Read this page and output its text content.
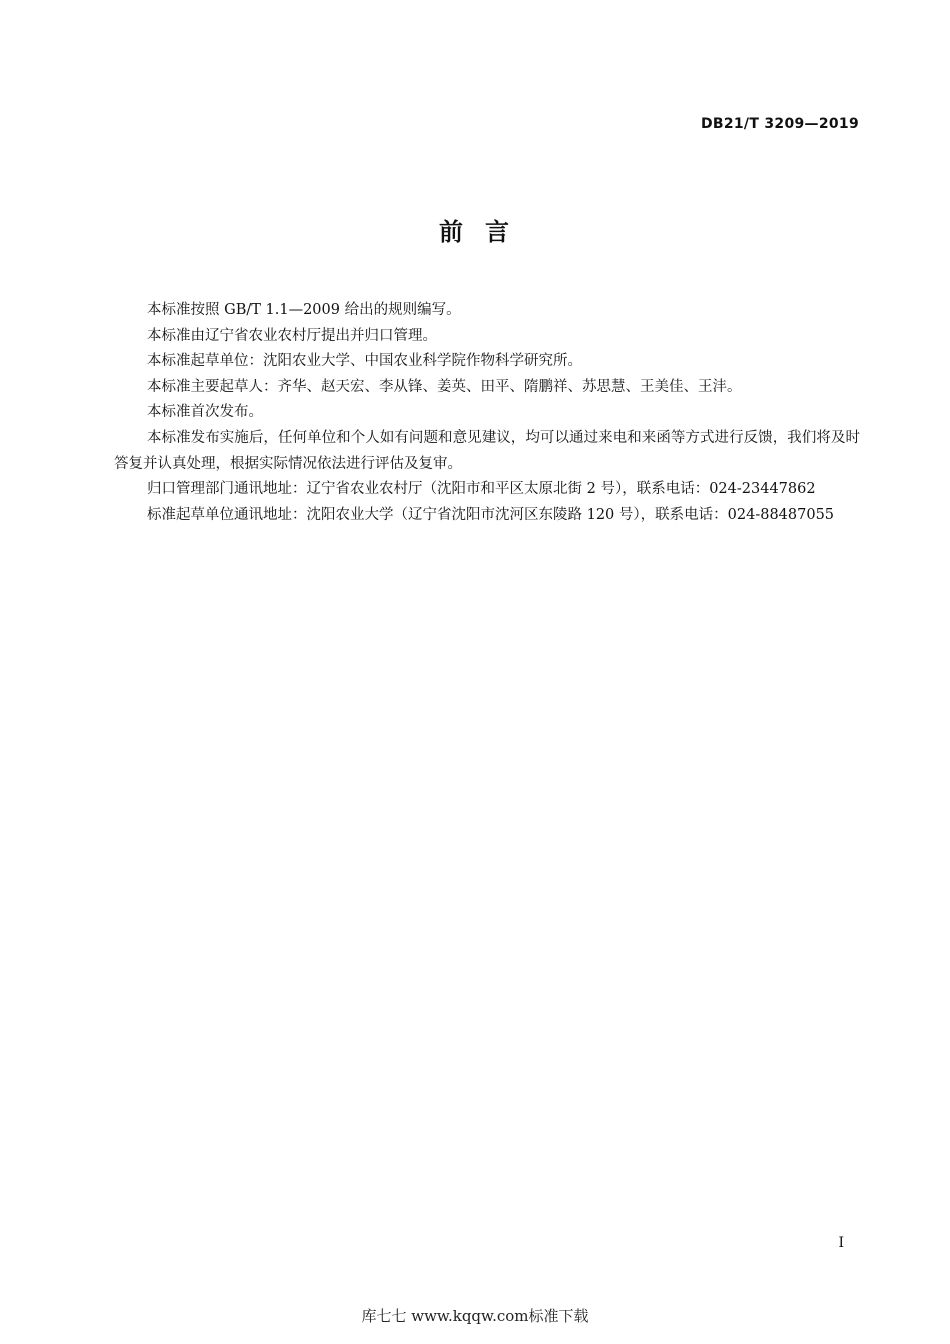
DB21/T 3209—2019
前 言

本标准按照 GB/T 1.1—2009 给出的规则编写。

本标准由辽宁省农业农村厅提出并归口管理。

本标准起草单位：沈阳农业大学、中国农业科学院作物科学研究所。

本标准主要起草人：齐华、赵天宏、李从锋、姜英、田平、隋鹏祥、苏思慧、王美佳、王沣。

本标准首次发布。

本标准发布实施后，任何单位和个人如有问题和意见建议，均可以通过来电和来函等方式进行反馈，我们将及时答复并认真处理，根据实际情况依法进行评估及复审。

归口管理部门通讯地址：辽宁省农业农村厅（沈阳市和平区太原北街 2 号），联系电话：024-23447862

标准起草单位通讯地址：沈阳农业大学（辽宁省沈阳市沈河区东陵路 120 号），联系电话：024-88487055

I
库七七 www.kqqw.com标准下载
